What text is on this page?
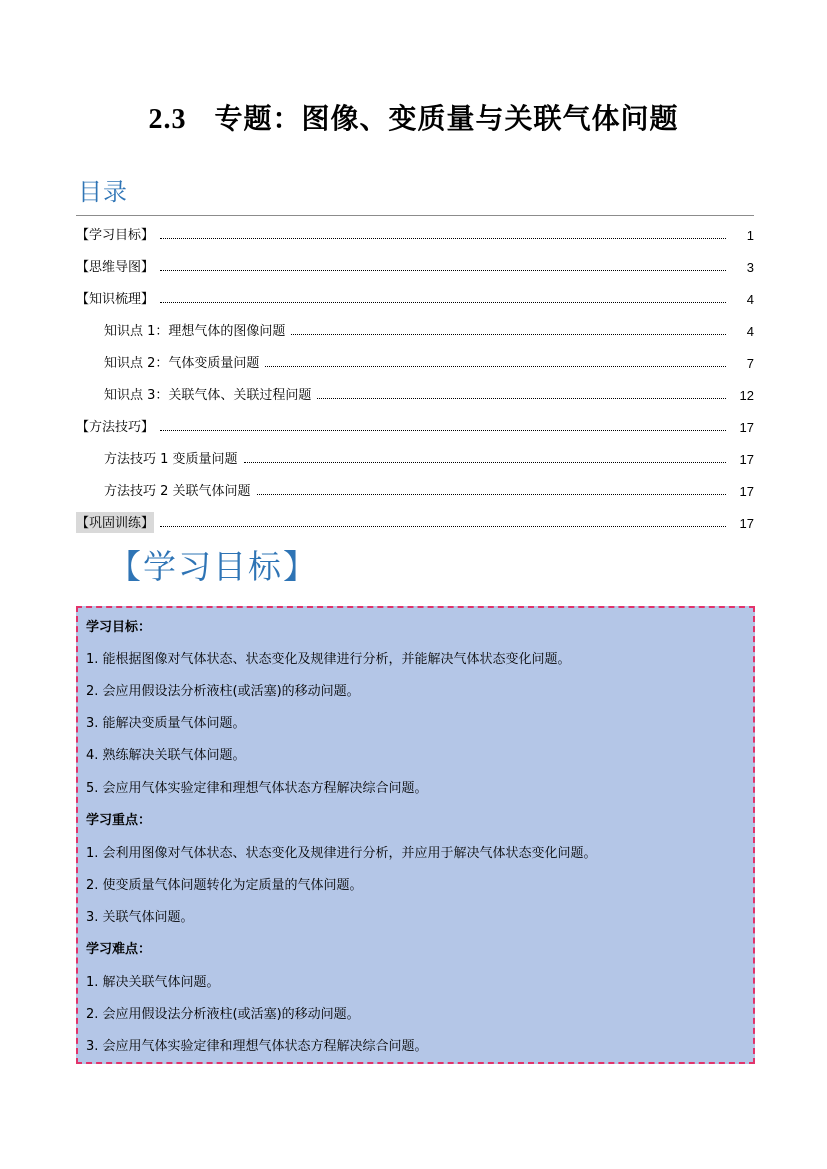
2.3 专题：图像、变质量与关联气体问题
目录
【学习目标】	1
【思维导图】	3
【知识梳理】	4
知识点 1：理想气体的图像问题	4
知识点 2：气体变质量问题	7
知识点 3：关联气体、关联过程问题	12
【方法技巧】	17
方法技巧 1 变质量问题	17
方法技巧 2 关联气体问题	17
【巩固训练】	17
【学习目标】
学习目标：
1. 能根据图像对气体状态、状态变化及规律进行分析，并能解决气体状态变化问题。
2. 会应用假设法分析液柱(或活塞)的移动问题。
3. 能解决变质量气体问题。
4. 熟练解决关联气体问题。
5. 会应用气体实验定律和理想气体状态方程解决综合问题。
学习重点：
1. 会利用图像对气体状态、状态变化及规律进行分析，并应用于解决气体状态变化问题。
2. 使变质量气体问题转化为定质量的气体问题。
3. 关联气体问题。
学习难点：
1. 解决关联气体问题。
2. 会应用假设法分析液柱(或活塞)的移动问题。
3. 会应用气体实验定律和理想气体状态方程解决综合问题。
